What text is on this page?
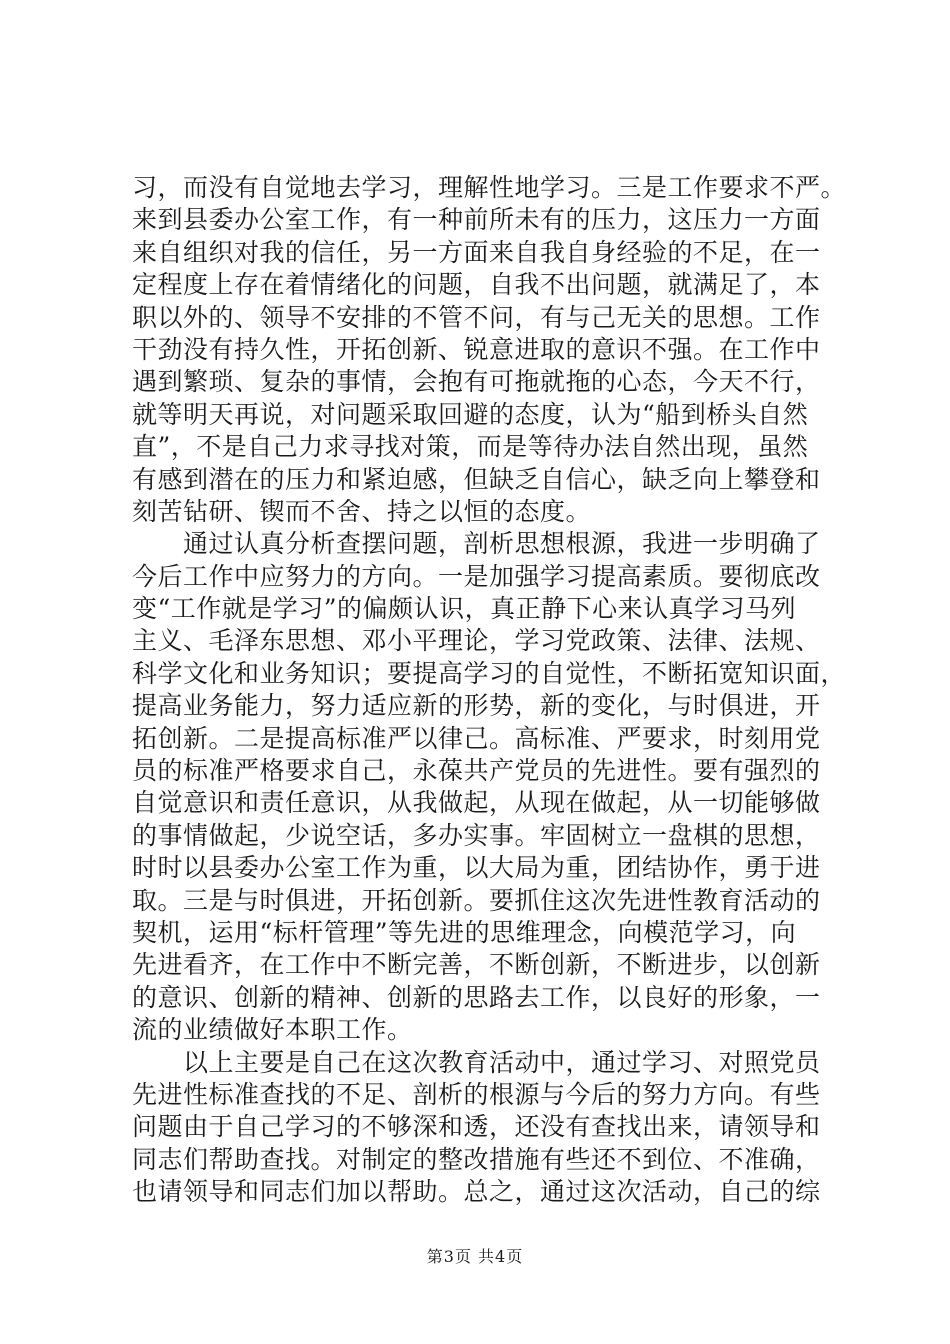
习，而没有自觉地去学习，理解性地学习。三是工作要求不严。
来到县委办公室工作，有一种前所未有的压力，这压力一方面
来自组织对我的信任，另一方面来自我自身经验的不足，在一
定程度上存在着情绪化的问题，自我不出问题，就满足了，本
职以外的、领导不安排的不管不问，有与己无关的思想。工作
干劲没有持久性，开拓创新、锐意进取的意识不强。在工作中
遇到繁琐、复杂的事情，会抱有可拖就拖的心态，今天不行，
就等明天再说，对问题采取回避的态度，认为“船到桥头自然
直”，不是自己力求寻找对策，而是等待办法自然出现，虽然
有感到潜在的压力和紧迫感，但缺乏自信心，缺乏向上攀登和
刻苦钻研、锲而不舍、持之以恒的态度。
　　通过认真分析查摆问题，剖析思想根源，我进一步明确了
今后工作中应努力的方向。一是加强学习提高素质。要彻底改
变“工作就是学习”的偏颇认识，真正静下心来认真学习马列
主义、毛泽东思想、邓小平理论，学习党政策、法律、法规、
科学文化和业务知识；要提高学习的自觉性，不断拓宽知识面，
提高业务能力，努力适应新的形势，新的变化，与时俱进，开
拓创新。二是提高标准严以律己。高标准、严要求，时刻用党
员的标准严格要求自己，永葆共产党员的先进性。要有强烈的
自觉意识和责任意识，从我做起，从现在做起，从一切能够做
的事情做起，少说空话，多办实事。牢固树立一盘棋的思想，
时时以县委办公室工作为重，以大局为重，团结协作，勇于进
取。三是与时俱进，开拓创新。要抓住这次先进性教育活动的
契机，运用“标杆管理”等先进的思维理念，向模范学习，向
先进看齐，在工作中不断完善，不断创新，不断进步，以创新
的意识、创新的精神、创新的思路去工作，以良好的形象，一
流的业绩做好本职工作。
　　以上主要是自己在这次教育活动中，通过学习、对照党员
先进性标准查找的不足、剖析的根源与今后的努力方向。有些
问题由于自己学习的不够深和透，还没有查找出来，请领导和
同志们帮助查找。对制定的整改措施有些还不到位、不准确，
也请领导和同志们加以帮助。总之，通过这次活动，自己的综
第3页 共4页
